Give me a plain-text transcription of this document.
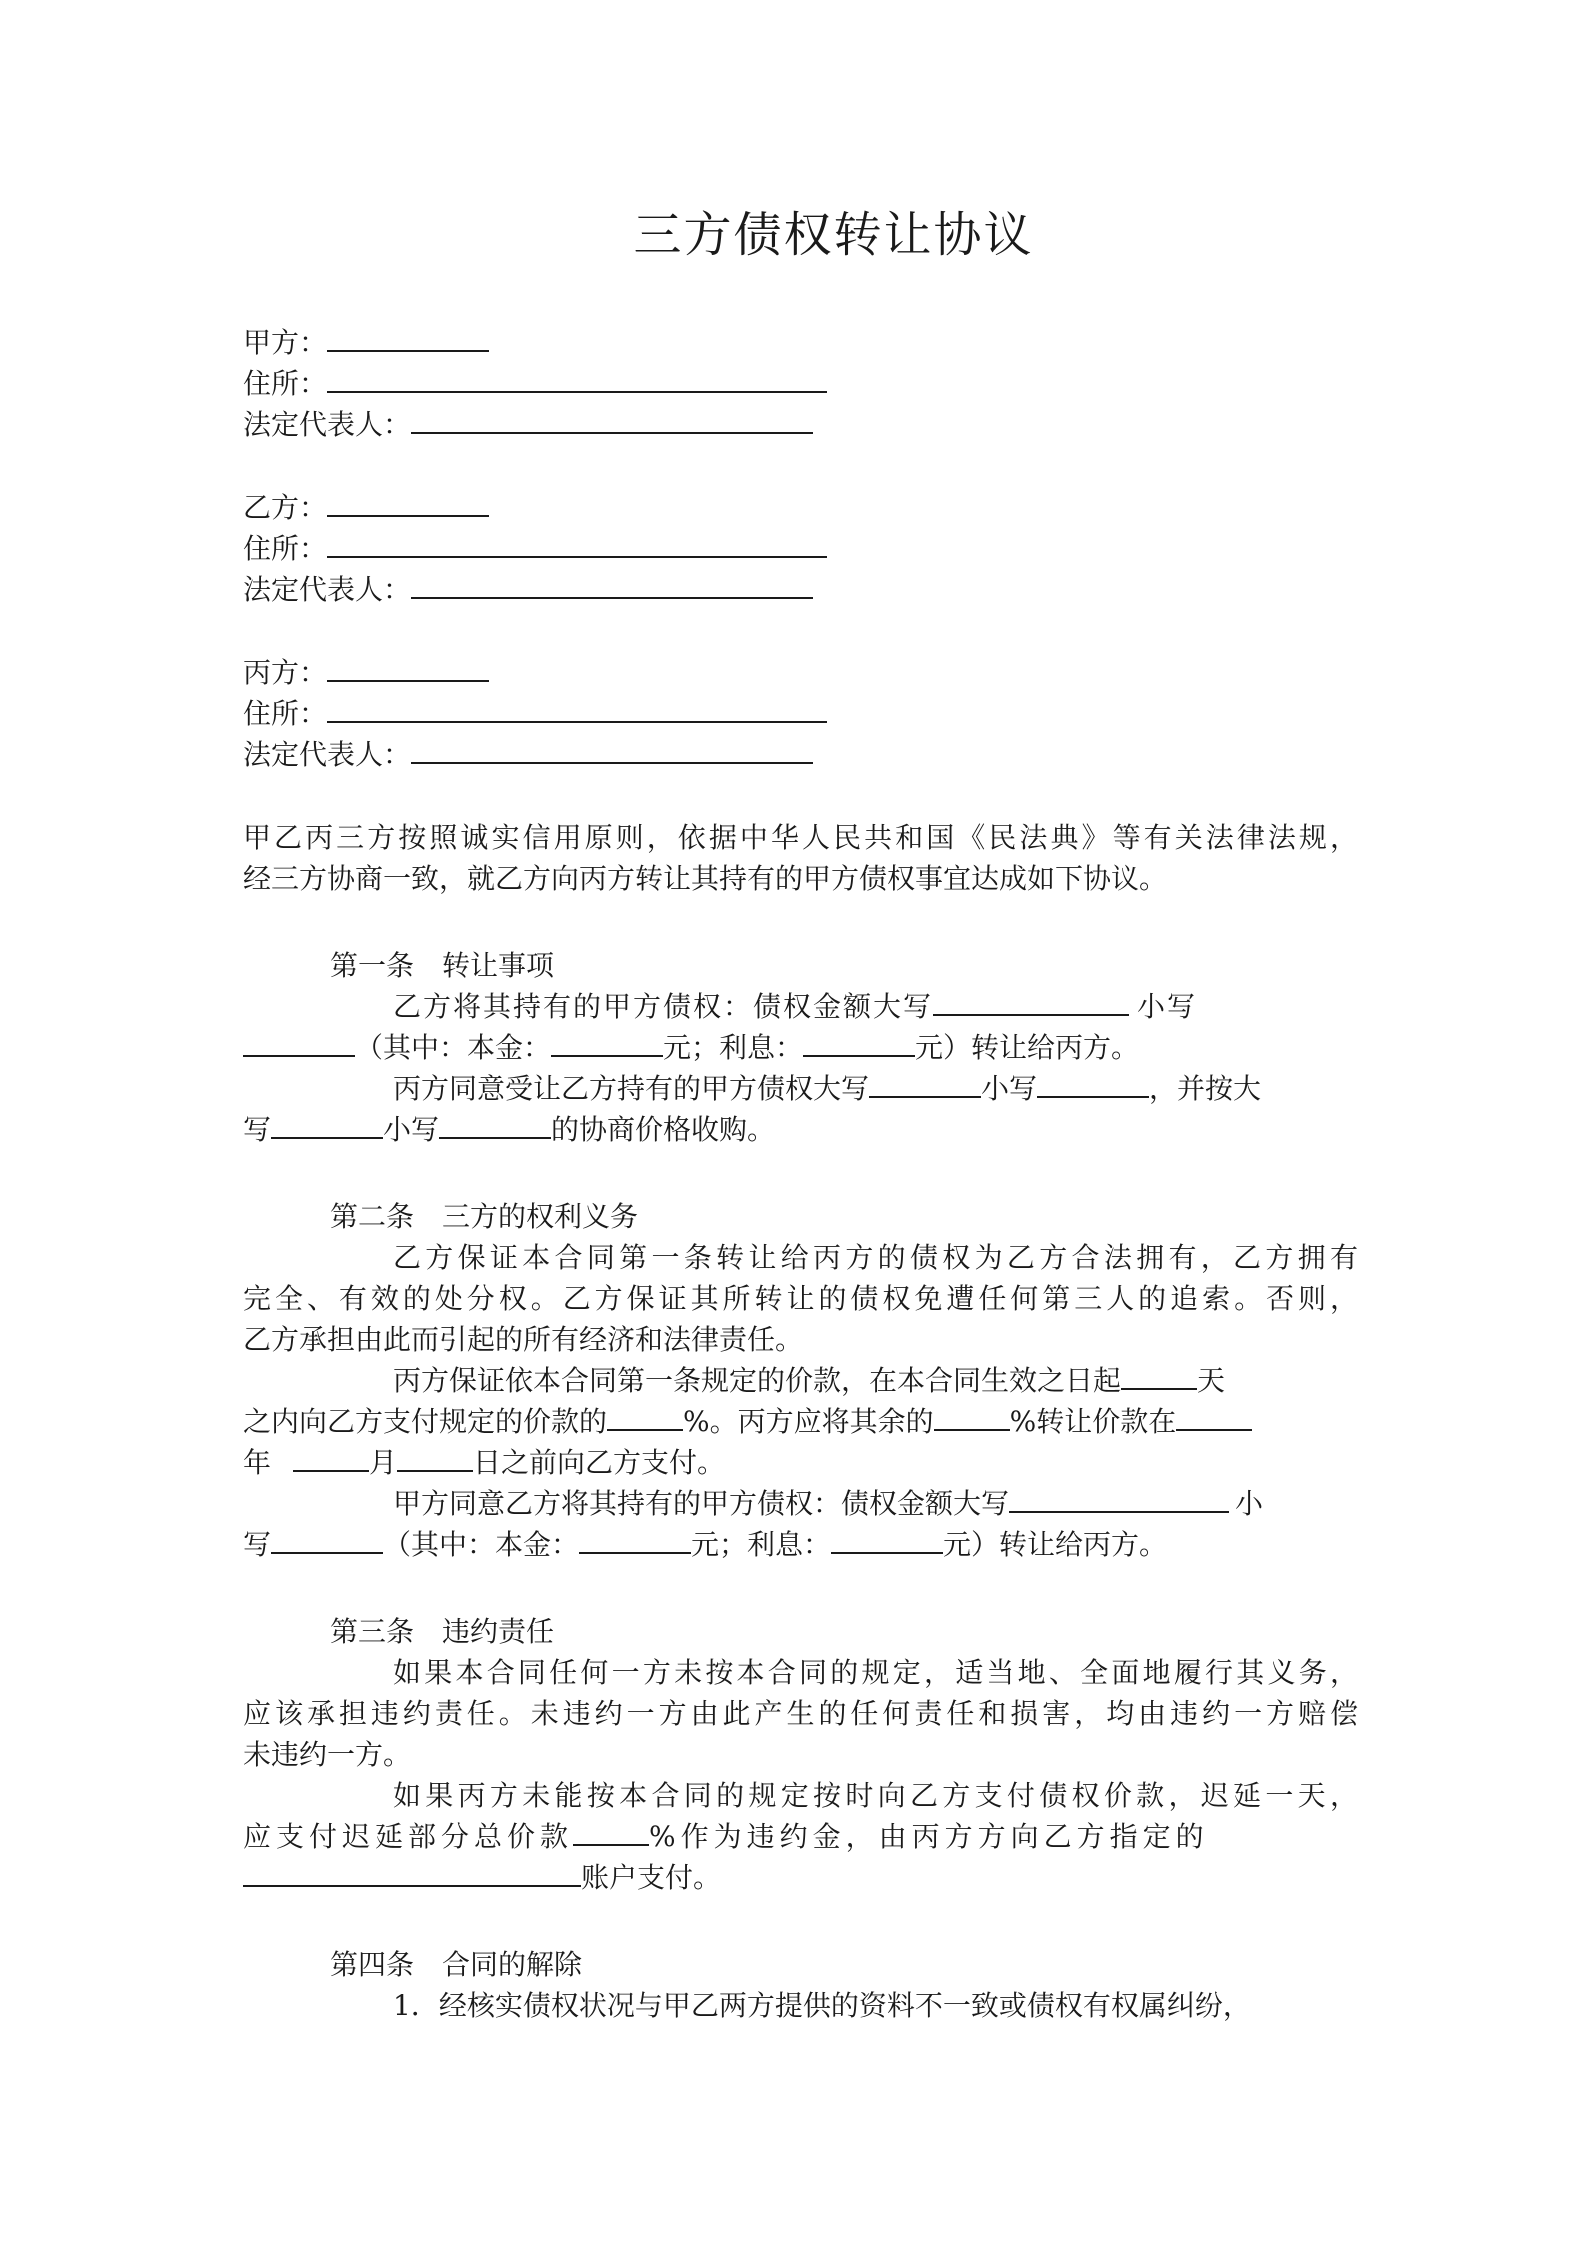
三方债权转让协议
甲方：
住所：
法定代表人：
乙方：
住所：
法定代表人：
丙方：
住所：
法定代表人：
甲乙丙三方按照诚实信用原则，依据中华人民共和国《民法典》等有关法律法规，
经三方协商一致，就乙方向丙方转让其持有的甲方债权事宜达成如下协议。
第一条　转让事项
乙方将其持有的甲方债权：债权金额大写	小写
（其中：本金：	元；利息：	元）转让给丙方。
丙方同意受让乙方持有的甲方债权大写	小写	，并按大
写	小写	的协商价格收购。
第二条　三方的权利义务
乙方保证本合同第一条转让给丙方的债权为乙方合法拥有，乙方拥有
完全、有效的处分权。乙方保证其所转让的债权免遭任何第三人的追索。否则，
乙方承担由此而引起的所有经济和法律责任。
丙方保证依本合同第一条规定的价款，在本合同生效之日起	天
之内向乙方支付规定的价款的	%。丙方应将其余的	%转让价款在
年	月	日之前向乙方支付。
甲方同意乙方将其持有的甲方债权：债权金额大写	小
写	（其中：本金：	元；利息：	元）转让给丙方。
第三条　违约责任
如果本合同任何一方未按本合同的规定，适当地、全面地履行其义务，
应该承担违约责任。未违约一方由此产生的任何责任和损害，均由违约一方赔偿
未违约一方。
如果丙方未能按本合同的规定按时向乙方支付债权价款，迟延一天，
应支付迟延部分总价款	%作为违约金，由丙方方向乙方指定的
账户支付。
第四条　合同的解除
1．经核实债权状况与甲乙两方提供的资料不一致或债权有权属纠纷，
